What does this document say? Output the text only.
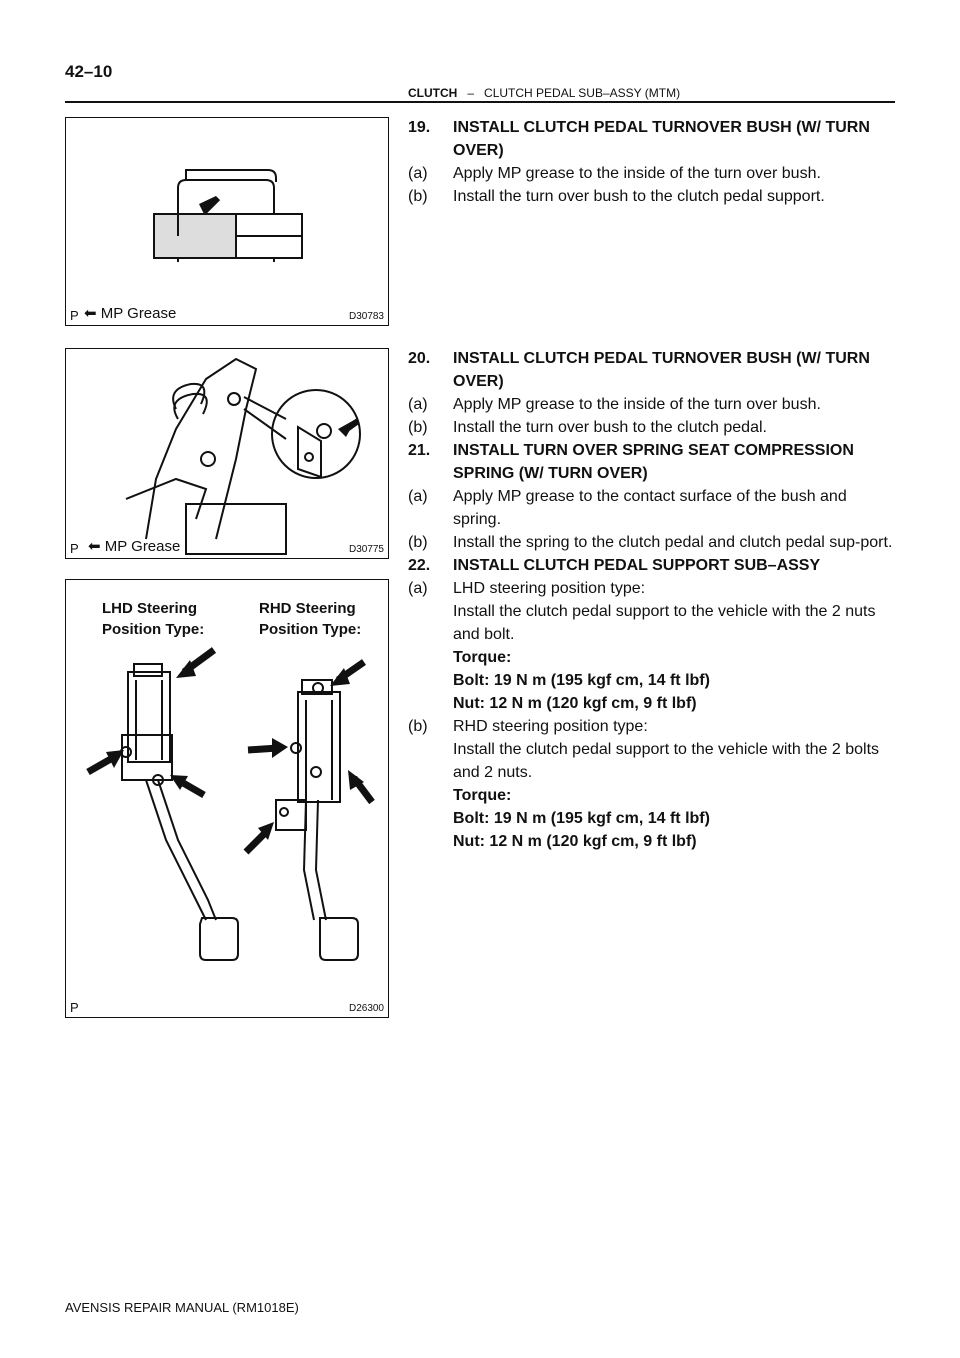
42–10
CLUTCH – CLUTCH PEDAL SUB–ASSY (MTM)
P ⬅ MP Grease	D30783
P ⬅ MP Grease	D30775
LHD Steering
Position Type:
RHD Steering
Position Type:
P	D26300
19. INSTALL CLUTCH PEDAL TURNOVER BUSH (W/ TURN OVER)
(a) Apply MP grease to the inside of the turn over bush.
(b) Install the turn over bush to the clutch pedal support.
20. INSTALL CLUTCH PEDAL TURNOVER BUSH (W/ TURN OVER)
(a) Apply MP grease to the inside of the turn over bush.
(b) Install the turn over bush to the clutch pedal.
21. INSTALL TURN OVER SPRING SEAT COMPRESSION SPRING (W/ TURN OVER)
(a) Apply MP grease to the contact surface of the bush and spring.
(b) Install the spring to the clutch pedal and clutch pedal sup-port.
22. INSTALL CLUTCH PEDAL SUPPORT SUB–ASSY
(a) LHD steering position type:
Install the clutch pedal support to the vehicle with the 2 nuts and bolt.
Torque:
Bolt: 19 N m (195 kgf cm, 14 ft lbf)
Nut: 12 N m (120 kgf cm, 9 ft lbf)
(b) RHD steering position type:
Install the clutch pedal support to the vehicle with the 2 bolts and 2 nuts.
Torque:
Bolt: 19 N m (195 kgf cm, 14 ft lbf)
Nut: 12 N m (120 kgf cm, 9 ft lbf)
AVENSIS REPAIR MANUAL (RM1018E)
